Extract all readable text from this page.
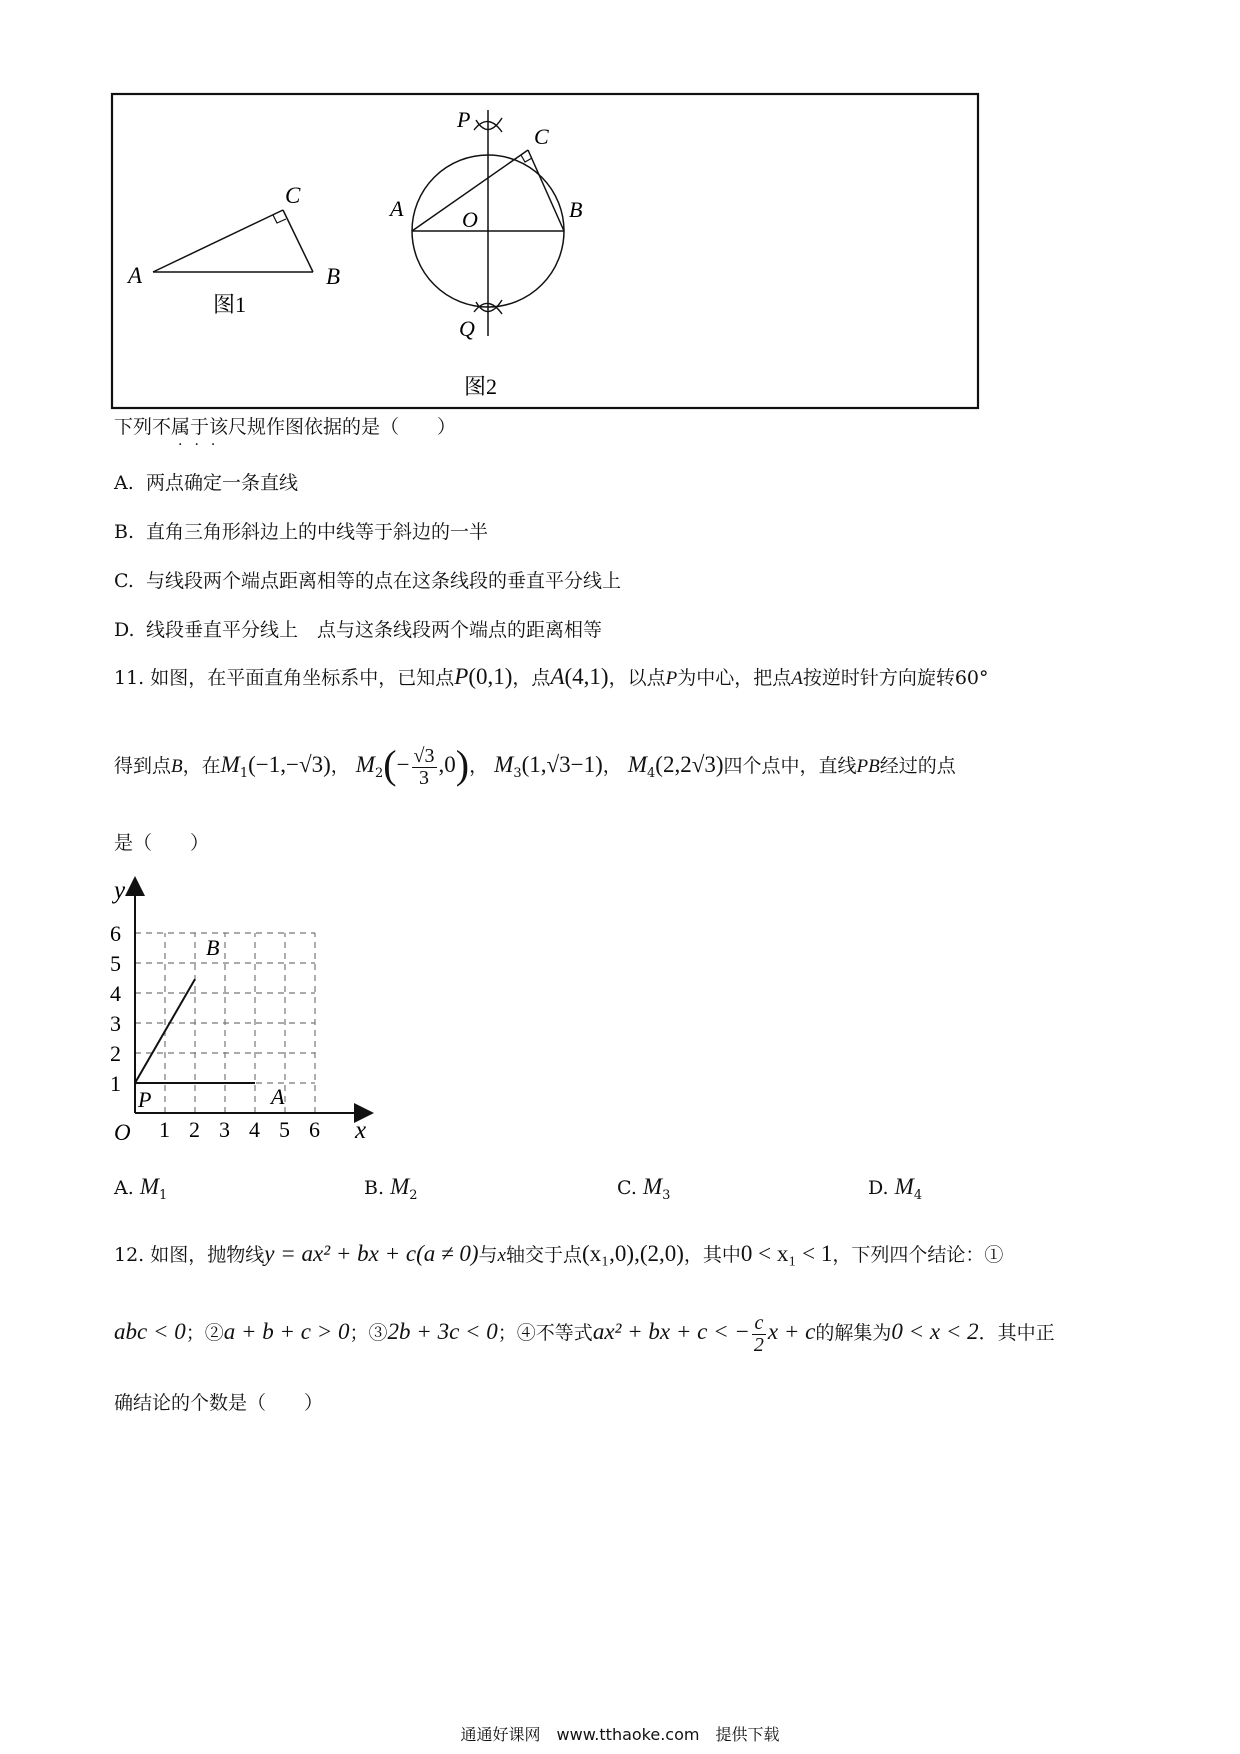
A
C
B
图1
P
C
A	O	B
Q
图2
下列不属于该尺规作图依据的是（　　）
···
A. 两点确定一条直线
B. 直角三角形斜边上的中线等于斜边的一半
C. 与线段两个端点距离相等的点在这条线段的垂直平分线上
D. 线段垂直平分线上　点与这条线段两个端点的距离相等
11. 如图，在平面直角坐标系中，已知点P(0,1)，点A(4,1)，以点P为中心，把点A按逆时针方向旋转60°
得到点B，在$M_1(-1,-√3)$， $M_2(- \frac{√3}{3} ,0)$， $M_3(1,√3-1)$， $M_4(2,2√3)$四个点中，直线PB经过的点
是（　　）
1 2 3 4 5 6
1
2
3
4
5
6
O	x
y
P	A
B
A. $M_1$	B. $M_2$	C. $M_3$	D. $M_4$
12. 如图，抛物线y = ax² + bx + c(a ≠ 0)与x轴交于点(x₁,0),(2,0)，其中0 < x₁ < 1，下列四个结论：①
abc < 0；②a + b + c > 0；③2b + 3c < 0；④不等式ax² + bx + c < − $\frac{c}{2}$ x + c的解集为0 < x < 2．其中正
确结论的个数是（　　）
通通好课网　www.tthaoke.com　提供下载
